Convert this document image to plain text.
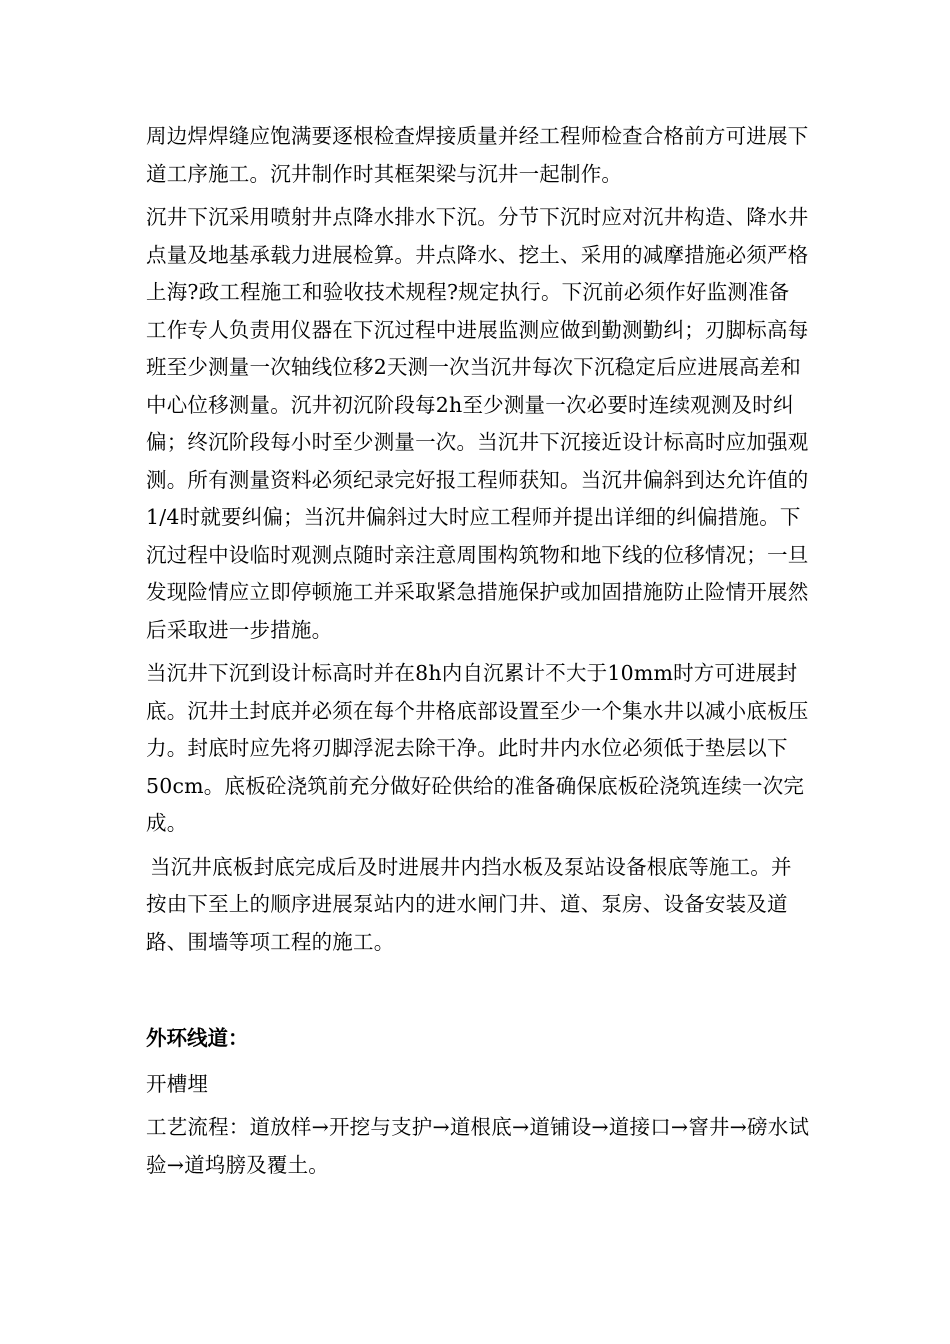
周边焊焊缝应饱满要逐根检查焊接质量并经工程师检查合格前方可进展下道工序施工。沉井制作时其框架梁与沉井一起制作。

沉井下沉采用喷射井点降水排水下沉。分节下沉时应对沉井构造、降水井点量及地基承载力进展检算。井点降水、挖土、采用的减摩措施必须严格上海?政工程施工和验收技术规程?规定执行。下沉前必须作好监测准备工作专人负责用仪器在下沉过程中进展监测应做到勤测勤纠；刃脚标高每班至少测量一次轴线位移2天测一次当沉井每次下沉稳定后应进展高差和中心位移测量。沉井初沉阶段每2h至少测量一次必要时连续观测及时纠偏；终沉阶段每小时至少测量一次。当沉井下沉接近设计标高时应加强观测。所有测量资料必须纪录完好报工程师获知。当沉井偏斜到达允许值的1/4时就要纠偏；当沉井偏斜过大时应工程师并提出详细的纠偏措施。下沉过程中设临时观测点随时亲注意周围构筑物和地下线的位移情况；一旦发现险情应立即停顿施工并采取紧急措施保护或加固措施防止险情开展然后采取进一步措施。

当沉井下沉到设计标高时并在8h内自沉累计不大于10mm时方可进展封底。沉井土封底并必须在每个井格底部设置至少一个集水井以减小底板压力。封底时应先将刃脚浮泥去除干净。此时井内水位必须低于垫层以下50cm。底板砼浇筑前充分做好砼供给的准备确保底板砼浇筑连续一次完成。

当沉井底板封底完成后及时进展井内挡水板及泵站设备根底等施工。并按由下至上的顺序进展泵站内的进水闸门井、道、泵房、设备安装及道路、围墙等项工程的施工。

外环线道：

开槽埋

工艺流程：道放样→开挖与支护→道根底→道铺设→道接口→窨井→磅水试验→道坞膀及覆土。
